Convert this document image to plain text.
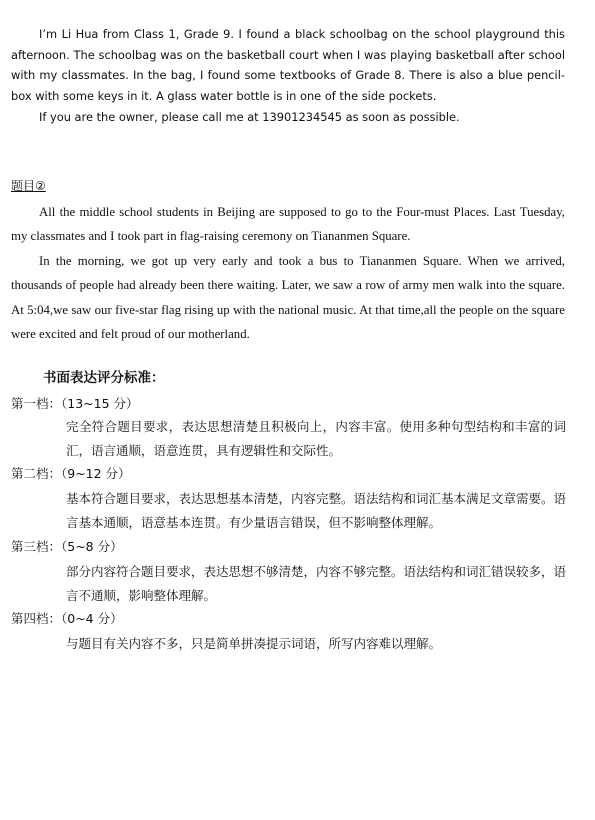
I’m Li Hua from Class 1, Grade 9. I found a black schoolbag on the school playground this afternoon. The schoolbag was on the basketball court when I was playing basketball after school with my classmates. In the bag, I found some textbooks of Grade 8. There is also a blue pencil-box with some keys in it. A glass water bottle is in one of the side pockets.

If you are the owner, please call me at 13901234545 as soon as possible.

题目②

All the middle school students in Beijing are supposed to go to the Four-must Places. Last Tuesday, my classmates and I took part in flag-raising ceremony on Tiananmen Square.

In the morning, we got up very early and took a bus to Tiananmen Square. When we arrived, thousands of people had already been there waiting. Later, we saw a row of army men walk into the square. At 5:04,we saw our five-star flag rising up with the national music. At that time,all the people on the square were excited and felt proud of our motherland.

书面表达评分标准：

第一档：（13~15 分）

完全符合题目要求，表达思想清楚且积极向上，内容丰富。使用多种句型结构和丰富的词汇，语言通顺，语意连贯，具有逻辑性和交际性。

第二档：（9~12 分）

基本符合题目要求，表达思想基本清楚，内容完整。语法结构和词汇基本满足文章需要。语言基本通顺，语意基本连贯。有少量语言错误，但不影响整体理解。

第三档：（5~8 分）

部分内容符合题目要求，表达思想不够清楚，内容不够完整。语法结构和词汇错误较多，语言不通顺，影响整体理解。

第四档：（0~4 分）

与题目有关内容不多，只是简单拼凑提示词语，所写内容难以理解。
